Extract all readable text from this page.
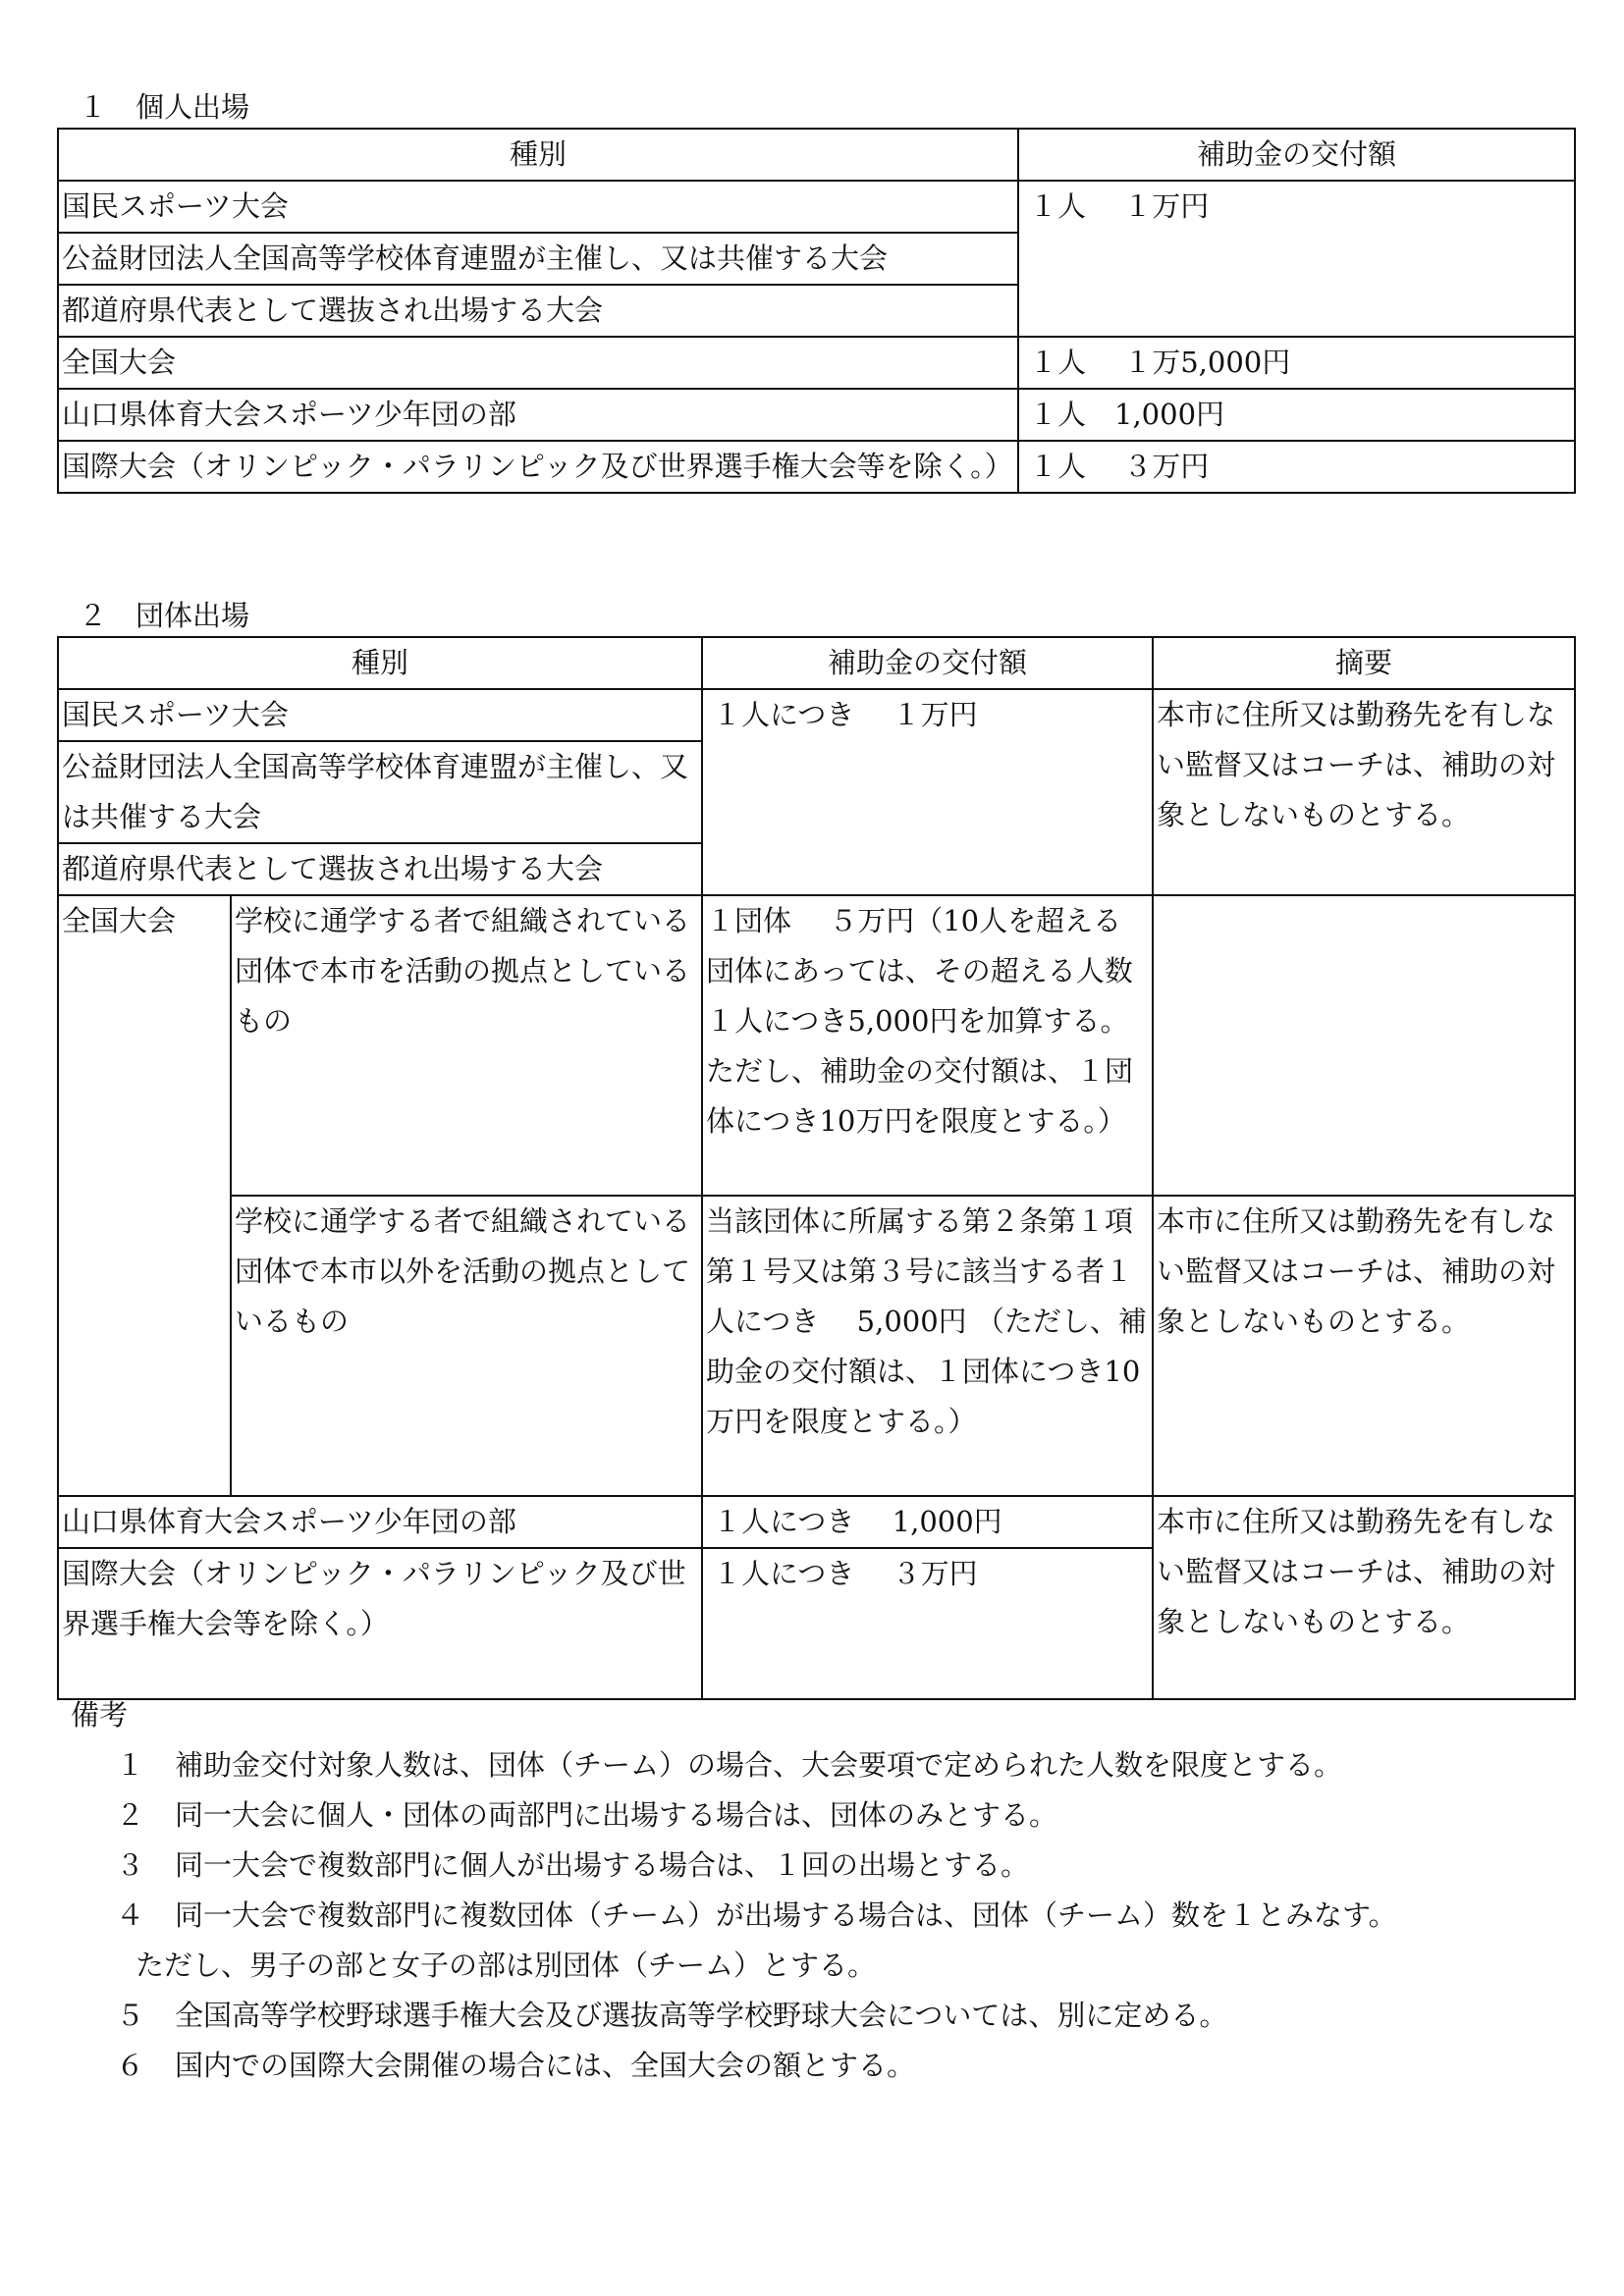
１　個人出場
種別	補助金の交付額
国民スポーツ大会	１人　 １万円
公益財団法人全国高等学校体育連盟が主催し、又は共催する大会	
都道府県代表として選抜され出場する大会	
全国大会	１人　 １万5,000円
山口県体育大会スポーツ少年団の部	１人　1,000円
国際大会（オリンピック・パラリンピック及び世界選手権大会等を除く。）	１人　 ３万円
２　団体出場
種別		補助金の交付額	摘要
国民スポーツ大会		１人につき　 １万円	本市に住所又は勤務先を有しない監督又はコーチは、補助の対象としないものとする。
公益財団法人全国高等学校体育連盟が主催し、又は共催する大会			
都道府県代表として選抜され出場する大会			
全国大会	学校に通学する者で組織されている団体で本市を活動の拠点としているもの	１団体　 ５万円（10人を超える団体にあっては、その超える人数１人につき5,000円を加算する。ただし、補助金の交付額は、１団体につき10万円を限度とする。）	
	学校に通学する者で組織されている団体で本市以外を活動の拠点としているもの	当該団体に所属する第２条第１項第１号又は第３号に該当する者１人につき　 5,000円 （ただし、補助金の交付額は、１団体につき10万円を限度とする。）	本市に住所又は勤務先を有しない監督又はコーチは、補助の対象としないものとする。
山口県体育大会スポーツ少年団の部		１人につき　 1,000円	本市に住所又は勤務先を有しない監督又はコーチは、補助の対象としないものとする。
国際大会（オリンピック・パラリンピック及び世界選手権大会等を除く。）		１人につき　 ３万円	
備考
１ 補助金交付対象人数は、団体（チーム）の場合、大会要項で定められた人数を限度とする。
２ 同一大会に個人・団体の両部門に出場する場合は、団体のみとする。
３ 同一大会で複数部門に個人が出場する場合は、１回の出場とする。
４ 同一大会で複数部門に複数団体（チーム）が出場する場合は、団体（チーム）数を１とみなす。
ただし、男子の部と女子の部は別団体（チーム）とする。
５ 全国高等学校野球選手権大会及び選抜高等学校野球大会については、別に定める。
６ 国内での国際大会開催の場合には、全国大会の額とする。
